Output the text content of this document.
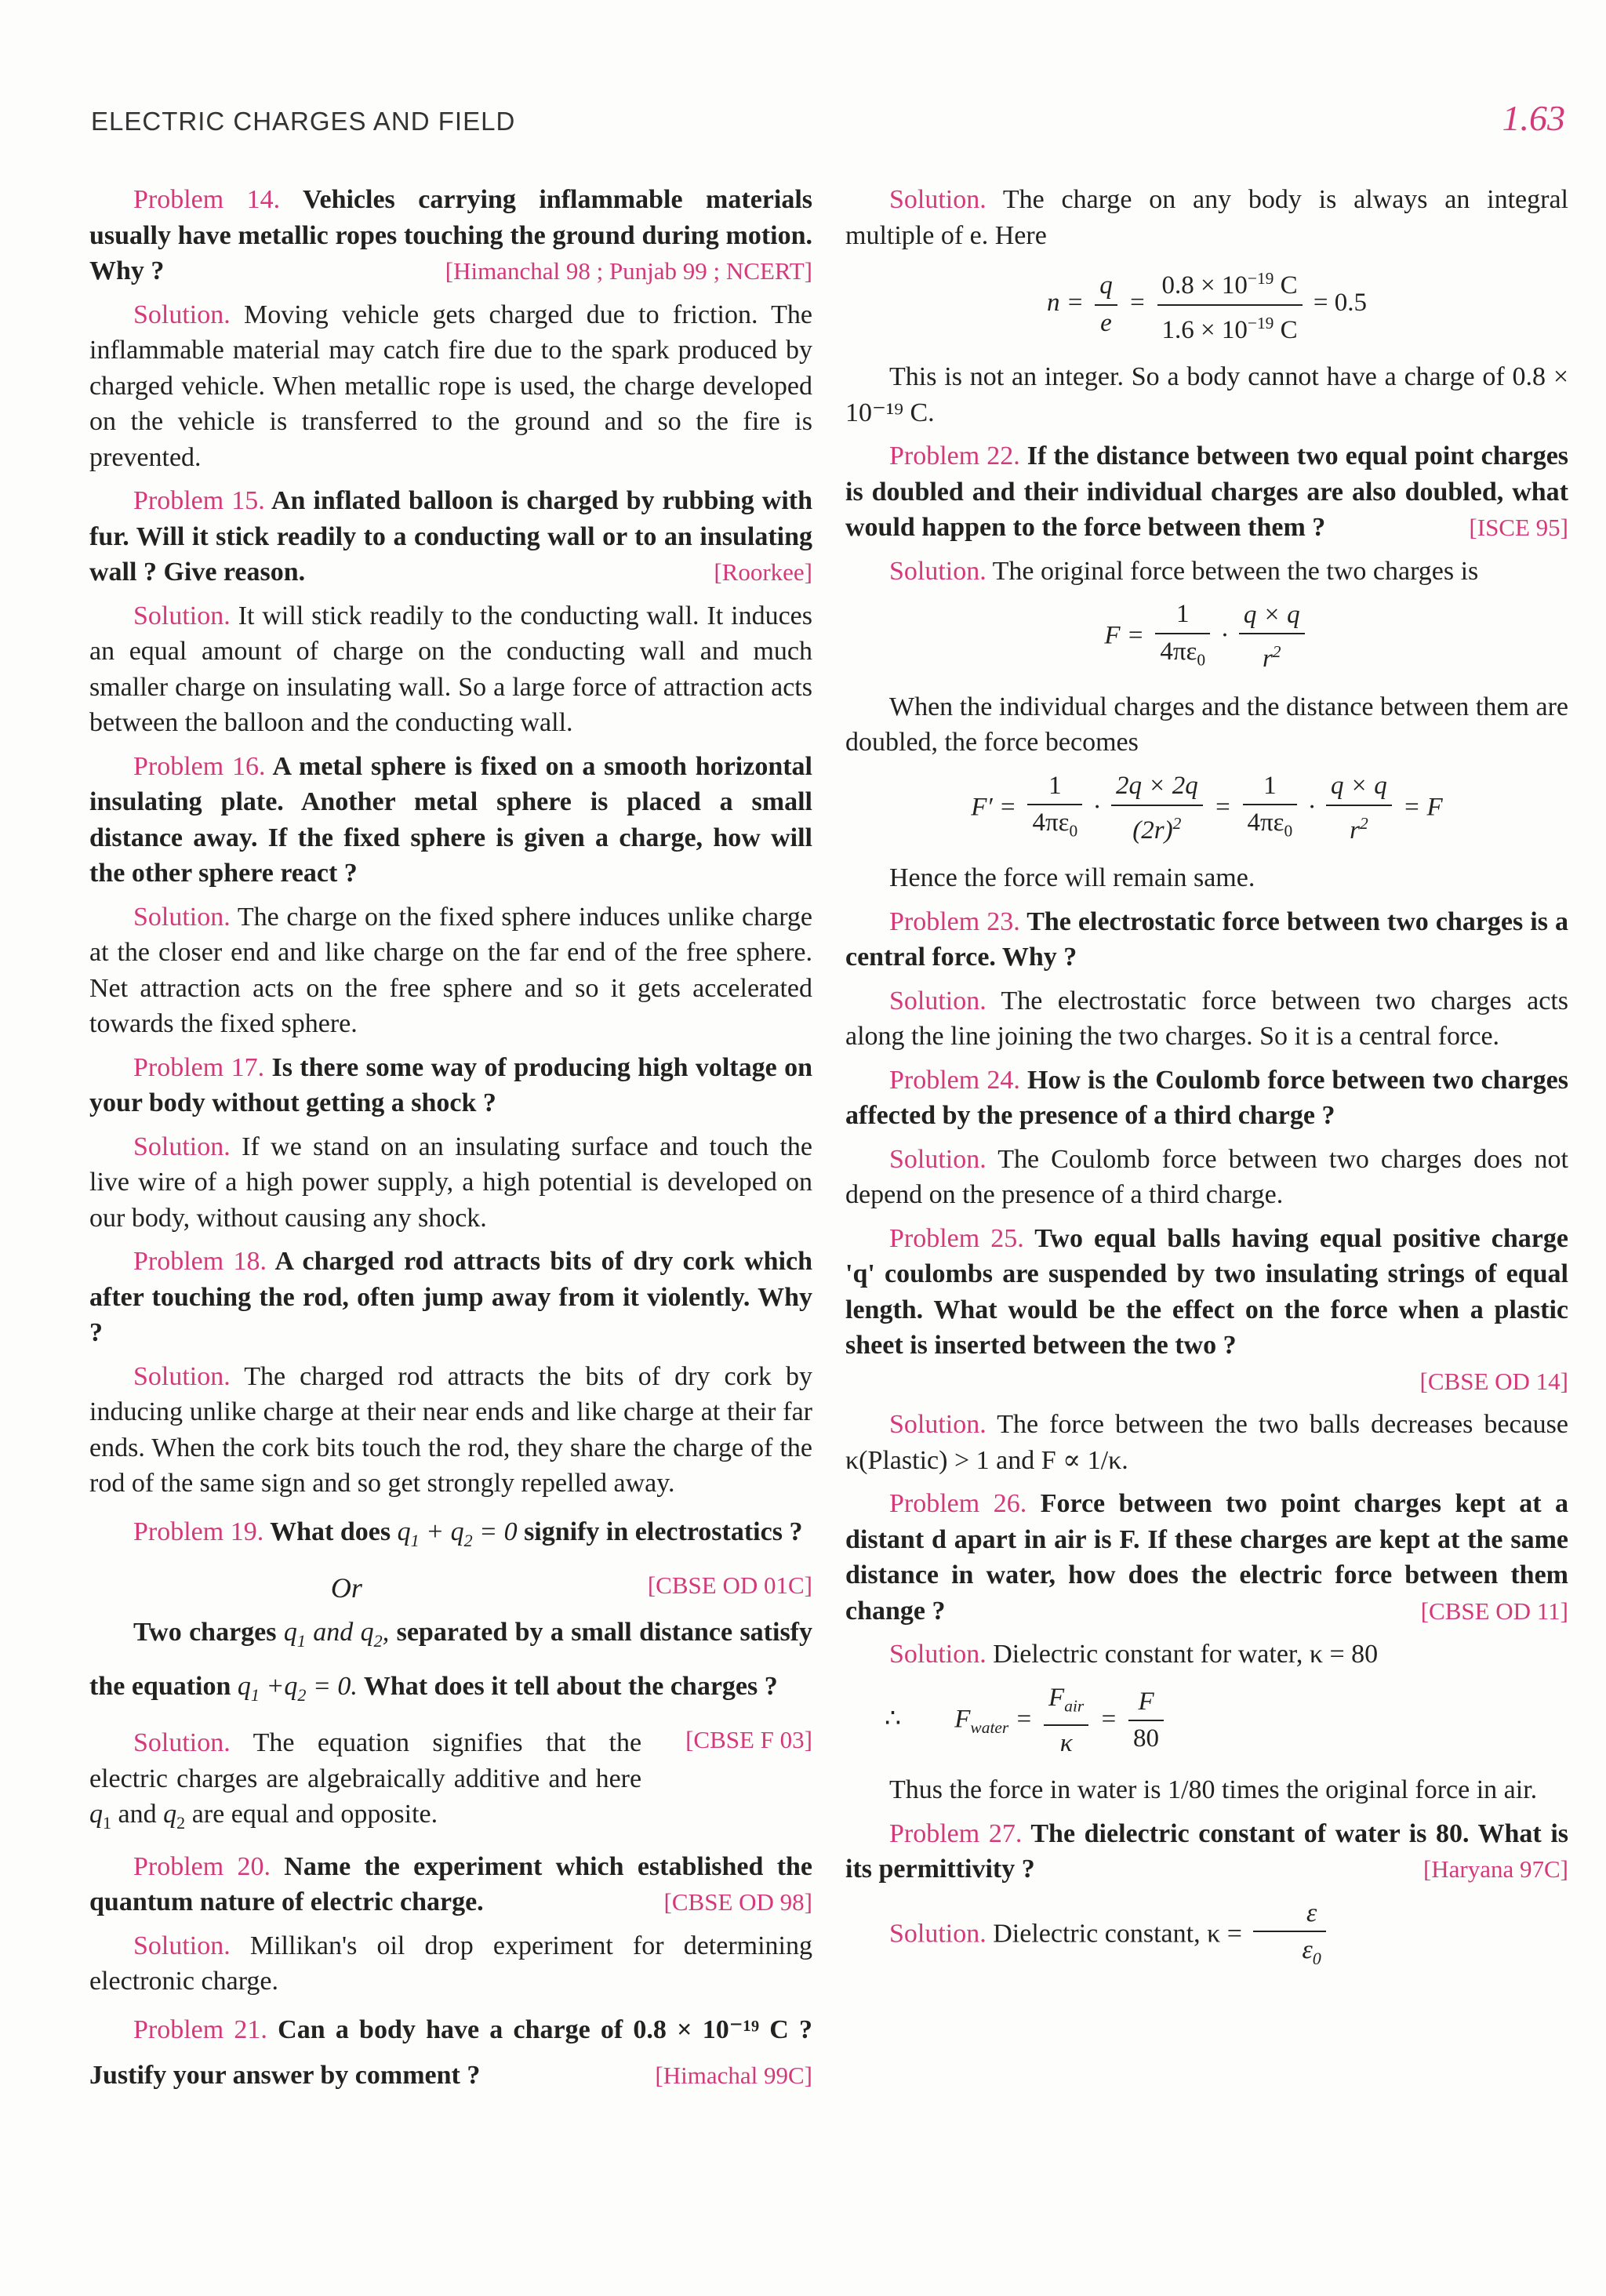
ELECTRIC CHARGES AND FIELD	1.63

Problem 14. Vehicles carrying inflammable materials usually have metallic ropes touching the ground during motion. Why ?	[Himanchal 98 ; Punjab 99 ; NCERT]

Solution. Moving vehicle gets charged due to friction. The inflammable material may catch fire due to the spark produced by charged vehicle. When metallic rope is used, the charge developed on the vehicle is transferred to the ground and so the fire is prevented.

Problem 15. An inflated balloon is charged by rubbing with fur. Will it stick readily to a conducting wall or to an insulating wall ? Give reason.	[Roorkee]

Solution. It will stick readily to the conducting wall. It induces an equal amount of charge on the conducting wall and much smaller charge on insulating wall. So a large force of attraction acts between the balloon and the conducting wall.

Problem 16. A metal sphere is fixed on a smooth horizontal insulating plate. Another metal sphere is placed a small distance away. If the fixed sphere is given a charge, how will the other sphere react ?

Solution. The charge on the fixed sphere induces unlike charge at the closer end and like charge on the far end of the free sphere. Net attraction acts on the free sphere and so it gets accelerated towards the fixed sphere.

Problem 17. Is there some way of producing high voltage on your body without getting a shock ?

Solution. If we stand on an insulating surface and touch the live wire of a high power supply, a high potential is developed on our body, without causing any shock.

Problem 18. A charged rod attracts bits of dry cork which after touching the rod, often jump away from it violently. Why ?

Solution. The charged rod attracts the bits of dry cork by inducing unlike charge at their near ends and like charge at their far ends. When the cork bits touch the rod, they share the charge of the rod of the same sign and so get strongly repelled away.

Problem 19. What does $q_1 + q_2 = 0$ signify in electrostatics ?
[CBSE OD 01C]

Or

Two charges $q_1$ and $q_2$, separated by a small distance satisfy the equation $q_1 +q_2 = 0$. What does it tell about the charges ?
[CBSE F 03]

Solution. The equation signifies that the electric charges are algebraically additive and here $q_1$ and $q_2$ are equal and opposite.

Problem 20. Name the experiment which established the quantum nature of electric charge.	[CBSE OD 98]

Solution. Millikan's oil drop experiment for determining electronic charge.

Problem 21. Can a body have a charge of 0.8 × 10⁻¹⁹ C ? Justify your answer by comment ?	[Himachal 99C]

Solution. The charge on any body is always an integral multiple of e. Here

$n = \frac{q}{e} = \frac{0.8 \times 10^{-19} C}{1.6 \times 10^{-19} C} = 0.5$

This is not an integer. So a body cannot have a charge of 0.8 × 10⁻¹⁹ C.

Problem 22. If the distance between two equal point charges is doubled and their individual charges are also doubled, what would happen to the force between them ?	[ISCE 95]

Solution. The original force between the two charges is

$F = \frac{1}{4\pi\varepsilon_0} \cdot \frac{q \times q}{r^2}$

When the individual charges and the distance between them are doubled, the force becomes

$F' = \frac{1}{4\pi\varepsilon_0} \cdot \frac{2q \times 2q}{(2r)^2} = \frac{1}{4\pi\varepsilon_0} \cdot \frac{q \times q}{r^2} = F$

Hence the force will remain same.

Problem 23. The electrostatic force between two charges is a central force. Why ?

Solution. The electrostatic force between two charges acts along the line joining the two charges. So it is a central force.

Problem 24. How is the Coulomb force between two charges affected by the presence of a third charge ?

Solution. The Coulomb force between two charges does not depend on the presence of a third charge.

Problem 25. Two equal balls having equal positive charge 'q' coulombs are suspended by two insulating strings of equal length. What would be the effect on the force when a plastic sheet is inserted between the two ?
[CBSE OD 14]

Solution. The force between the two balls decreases because κ(Plastic) > 1 and F ∝ 1/κ.

Problem 26. Force between two point charges kept at a distant d apart in air is F. If these charges are kept at the same distance in water, how does the electric force between them change ?	[CBSE OD 11]

Solution. Dielectric constant for water, κ = 80

∴ $F_{water} = \frac{F_{air}}{\kappa} = \frac{F}{80}$

Thus the force in water is 1/80 times the original force in air.

Problem 27. The dielectric constant of water is 80. What is its permittivity ?	[Haryana 97C]

Solution. Dielectric constant, $\kappa = \frac{\varepsilon}{\varepsilon_0}$
